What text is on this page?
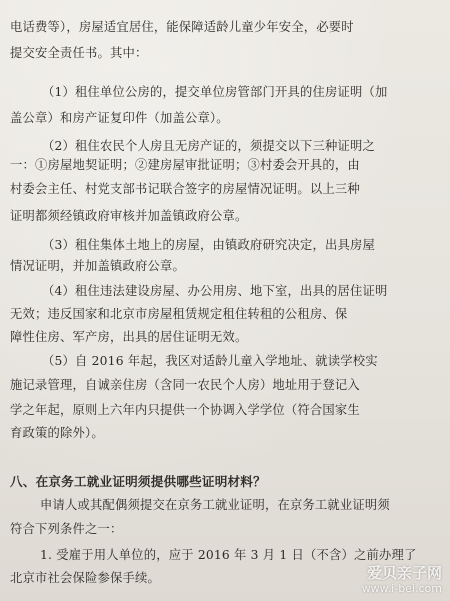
电话费等），房屋适宜居住，能保障适龄儿童少年安全，必要时
提交安全责任书。其中：
（1）租住单位公房的，提交单位房管部门开具的住房证明（加
盖公章）和房产证复印件（加盖公章）。
（2）租住农民个人房且无房产证的，须提交以下三种证明之
一：①房屋地契证明；②建房屋审批证明；③村委会开具的，由
村委会主任、村党支部书记联合签字的房屋情况证明。以上三种
证明都须经镇政府审核并加盖镇政府公章。
（3）租住集体土地上的房屋，由镇政府研究决定，出具房屋
情况证明，并加盖镇政府公章。
（4）租住违法建设房屋、办公用房、地下室，出具的居住证明
无效；违反国家和北京市房屋租赁规定租住转租的公租房、保
障性住房、军产房，出具的居住证明无效。
（5）自 2016 年起，我区对适龄儿童入学地址、就读学校实
施记录管理，自诚亲住房（含同一农民个人房）地址用于登记入
学之年起，原则上六年内只提供一个协调入学学位（符合国家生
育政策的除外）。
八、在京务工就业证明须提供哪些证明材料？
申请人或其配偶须提交在京务工就业证明，在京务工就业证明须
符合下列条件之一：
1. 受雇于用人单位的，应于 2016 年 3 月 1 日（不含）之前办理了
北京市社会保险参保手续。	爱贝亲子网
www.i-bei.com
